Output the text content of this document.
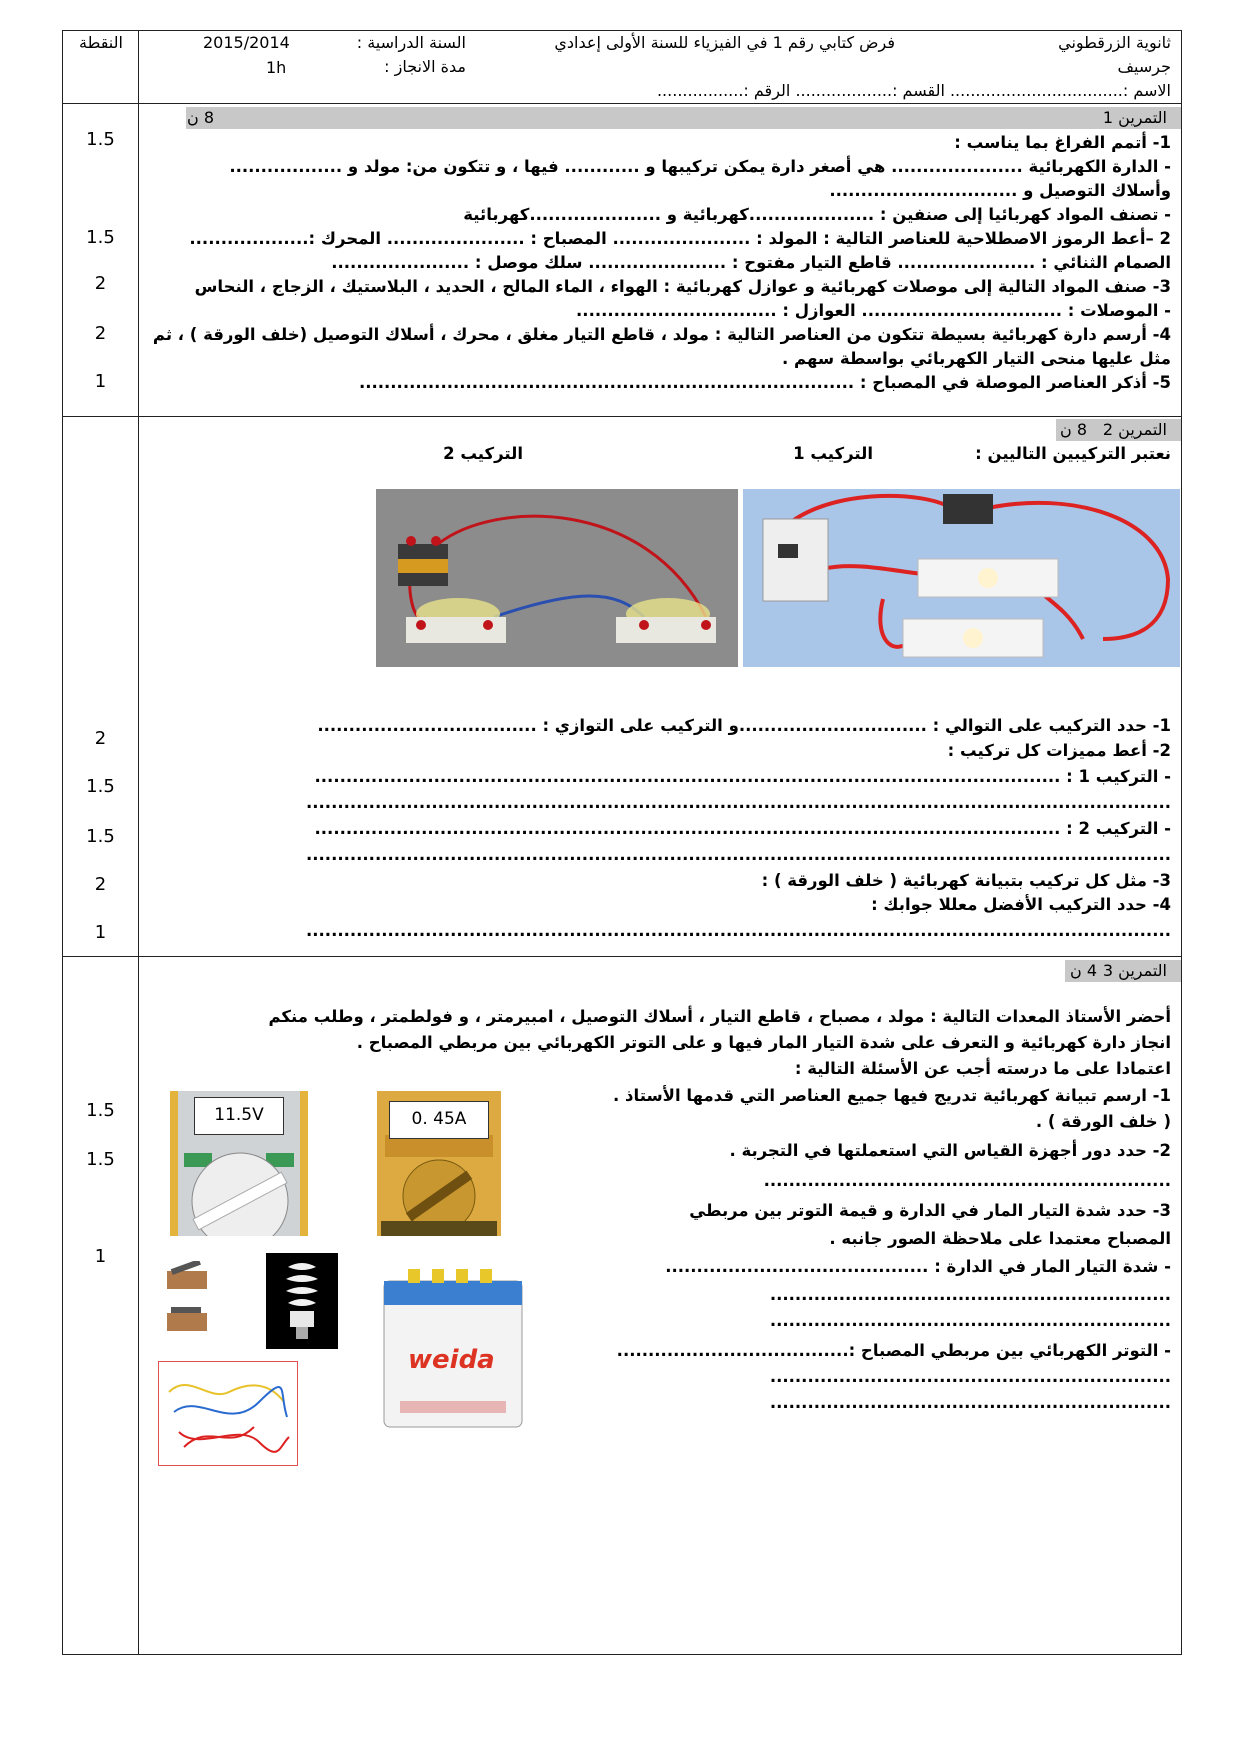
ثانوية الزرقطوني
جرسيف
فرض كتابي رقم 1 في الفيزياء للسنة الأولى إعدادي
السنة الدراسية :
2015/2014
مدة الانجاز :
1h
النقطة
الاسم :.................................. القسم :................... الرقم :.................
التمرين 1
8 ن
1- أتمم الفراغ بما يناسب :
- الدارة الكهربائية ..................... هي أصغر دارة يمكن تركيبها و ............ فيها ، و تتكون من: مولد و ..................
وأسلاك التوصيل و ..............................
- تصنف المواد كهربائيا إلى صنفين : ....................كهربائية و .....................كهربائية
2 –أعط الرموز الاصطلاحية للعناصر التالية : المولد : ...................... المصباح : ...................... المحرك :...................
الصمام الثنائي : ...................... قاطع التيار مفتوح : ...................... سلك موصل : ......................
3- صنف المواد التالية إلى موصلات كهربائية و عوازل كهربائية : الهواء ، الماء المالح ، الحديد ، البلاستيك ، الزجاج ، النحاس
- الموصلات : ................................ العوازل : ................................
4- أرسم دارة كهربائية بسيطة تتكون من العناصر التالية : مولد ، قاطع التيار مغلق ، محرك ، أسلاك التوصيل (خلف الورقة ) ، ثم
مثل عليها منحى التيار الكهربائي بواسطة سهم .
5- أذكر العناصر الموصلة في المصباح : ...............................................................................
1.5
1.5
2
2
1
التمرين 2
8 ن
نعتبر التركيبين التاليين :
التركيب 1
التركيب 2
1- حدد التركيب على التوالي : ..............................و التركيب على التوازي : ...................................
2- أعط مميزات كل تركيب :
- التركيب 1 : .......................................................................................................................
..........................................................................................................................................
- التركيب 2 : .......................................................................................................................
..........................................................................................................................................
3- مثل كل تركيب بتبيانة كهربائية ( خلف الورقة ) :
4- حدد التركيب الأفضل معللا جوابك :
..........................................................................................................................................
2
1.5
1.5
2
1
التمرين 3
4 ن
أحضر الأستاذ المعدات التالية : مولد ، مصباح ، قاطع التيار ، أسلاك التوصيل ، امبيرمتر ، و فولطمتر ، وطلب منكم
انجاز دارة كهربائية و التعرف على شدة التيار المار فيها و على التوتر الكهربائي بين مربطي المصباح .
اعتمادا على ما درسته أجب عن الأسئلة التالية :
1- ارسم تبيانة كهربائية تدريج فيها جميع العناصر التي قدمها الأستاذ .
( خلف الورقة ) .
2- حدد دور أجهزة القياس التي استعملتها في التجربة .
.................................................................
3- حدد شدة التيار المار في الدارة و قيمة التوتر بين مربطي
المصباح معتمدا على ملاحظة الصور جانبه .
- شدة التيار المار في الدارة : ..........................................
................................................................
................................................................
- التوتر الكهربائي بين مربطي المصباح :.....................................
................................................................
................................................................
1.5
1.5
1
11.5V	0. 45A
weida
